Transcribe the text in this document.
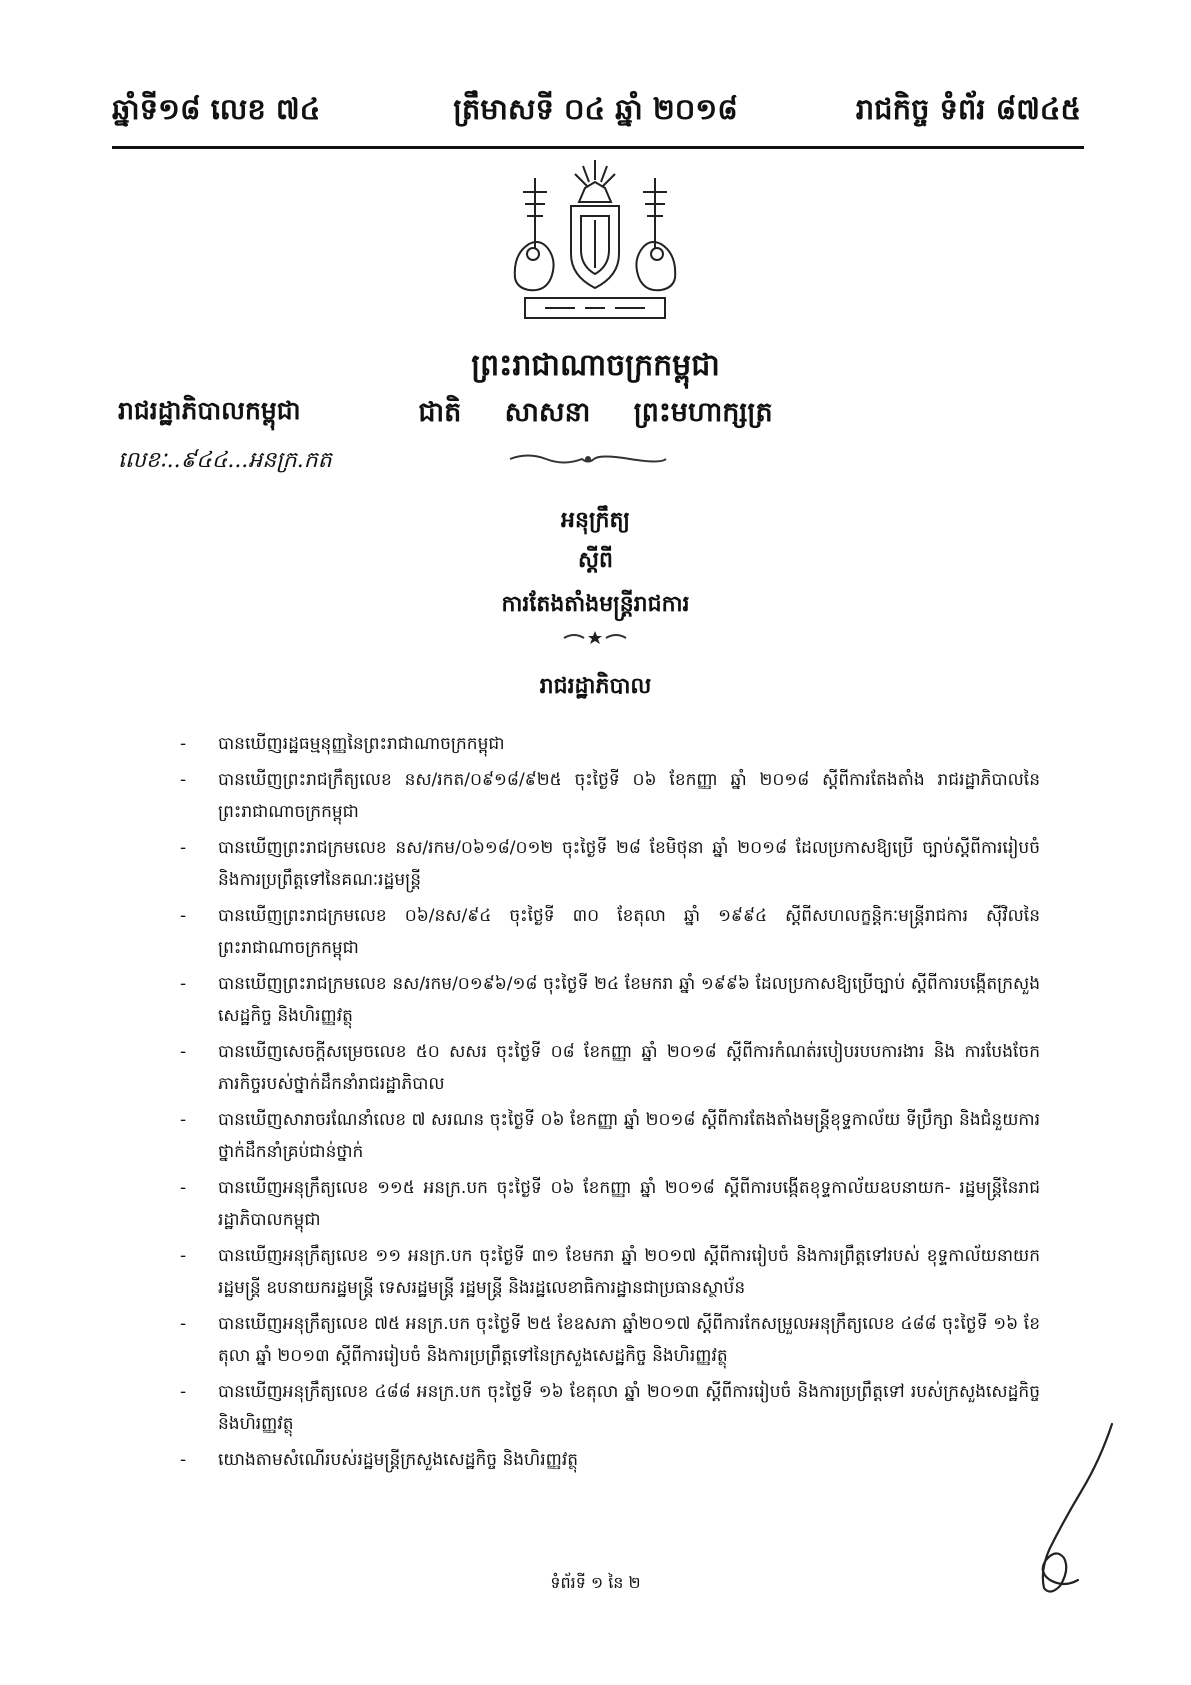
ឆ្នាំទី១៨ លេខ ៧៤	ត្រឹមាសទី ០៤ ឆ្នាំ ២០១៨	រាជកិច្ច ទំព័រ ៨៧៤៥
ព្រះរាជាណាចក្រកម្ពុជា
ជាតិ សាសនា ព្រះមហាក្សត្រ
រាជរដ្ឋាភិបាលកម្ពុជា
លេខៈ..៩៤៤...អនក្រ.កត
អនុក្រឹត្យ
ស្តីពី
ការតែងតាំងមន្ត្រីរាជការ
រាជរដ្ឋាភិបាល
-	បានឃើញរដ្ឋធម្មនុញ្ញនៃព្រះរាជាណាចក្រកម្ពុជា
-	បានឃើញព្រះរាជក្រឹត្យលេខ នស/រកត/០៩១៨/៩២៥ ចុះថ្ងៃទី ០៦ ខែកញ្ញា ឆ្នាំ ២០១៨ ស្តីពីការតែងតាំង រាជរដ្ឋាភិបាលនៃព្រះរាជាណាចក្រកម្ពុជា
-	បានឃើញព្រះរាជក្រមលេខ នស/រកម/០៦១៨/០១២ ចុះថ្ងៃទី ២៨ ខែមិថុនា ឆ្នាំ ២០១៨ ដែលប្រកាសឱ្យប្រើ ច្បាប់ស្តីពីការរៀបចំ និងការប្រព្រឹត្តទៅនៃគណៈរដ្ឋមន្ត្រី
-	បានឃើញព្រះរាជក្រមលេខ ០៦/នស/៩៤ ចុះថ្ងៃទី ៣០ ខែតុលា ឆ្នាំ ១៩៩៤ ស្តីពីសហលក្ខន្តិកៈមន្ត្រីរាជការ ស៊ីវិលនៃព្រះរាជាណាចក្រកម្ពុជា
-	បានឃើញព្រះរាជក្រមលេខ នស/រកម/០១៩៦/១៨ ចុះថ្ងៃទី ២៤ ខែមករា ឆ្នាំ ១៩៩៦ ដែលប្រកាសឱ្យប្រើច្បាប់ ស្តីពីការបង្កើតក្រសួងសេដ្ឋកិច្ច និងហិរញ្ញវត្ថុ
-	បានឃើញសេចក្តីសម្រេចលេខ ៥០ សសរ ចុះថ្ងៃទី ០៨ ខែកញ្ញា ឆ្នាំ ២០១៨ ស្តីពីការកំណត់របៀបរបបការងារ និង ការបែងចែកភារកិច្ចរបស់ថ្នាក់ដឹកនាំរាជរដ្ឋាភិបាល
-	បានឃើញសារាចរណែនាំលេខ ៧ សរណន ចុះថ្ងៃទី ០៦ ខែកញ្ញា ឆ្នាំ ២០១៨ ស្តីពីការតែងតាំងមន្ត្រីខុទ្ទកាល័យ ទីប្រឹក្សា និងជំនួយការថ្នាក់ដឹកនាំគ្រប់ជាន់ថ្នាក់
-	បានឃើញអនុក្រឹត្យលេខ ១១៥ អនក្រ.បក ចុះថ្ងៃទី ០៦ ខែកញ្ញា ឆ្នាំ ២០១៨ ស្តីពីការបង្កើតខុទ្ទកាល័យឧបនាយក- រដ្ឋមន្ត្រីនៃរាជរដ្ឋាភិបាលកម្ពុជា
-	បានឃើញអនុក្រឹត្យលេខ ១១ អនក្រ.បក ចុះថ្ងៃទី ៣១ ខែមករា ឆ្នាំ ២០១៧ ស្តីពីការរៀបចំ និងការព្រឹត្តទៅរបស់ ខុទ្ទកាល័យនាយករដ្ឋមន្ត្រី ឧបនាយករដ្ឋមន្ត្រី ទេសរដ្ឋមន្ត្រី រដ្ឋមន្ត្រី និងរដ្ឋលេខាធិការដ្ឋានជាប្រធានស្ថាប័ន
-	បានឃើញអនុក្រឹត្យលេខ ៧៥ អនក្រ.បក ចុះថ្ងៃទី ២៥ ខែឧសភា ឆ្នាំ២០១៧ ស្តីពីការកែសម្រួលអនុក្រឹត្យលេខ ៤៨៨ ចុះថ្ងៃទី ១៦ ខែតុលា ឆ្នាំ ២០១៣ ស្តីពីការរៀបចំ និងការប្រព្រឹត្តទៅនៃក្រសួងសេដ្ឋកិច្ច និងហិរញ្ញវត្ថុ
-	បានឃើញអនុក្រឹត្យលេខ ៤៨៨ អនក្រ.បក ចុះថ្ងៃទី ១៦ ខែតុលា ឆ្នាំ ២០១៣ ស្តីពីការរៀបចំ និងការប្រព្រឹត្តទៅ របស់ក្រសួងសេដ្ឋកិច្ច និងហិរញ្ញវត្ថុ
-	យោងតាមសំណើរបស់រដ្ឋមន្ត្រីក្រសួងសេដ្ឋកិច្ច និងហិរញ្ញវត្ថុ
ទំព័រទី ១ នៃ ២
